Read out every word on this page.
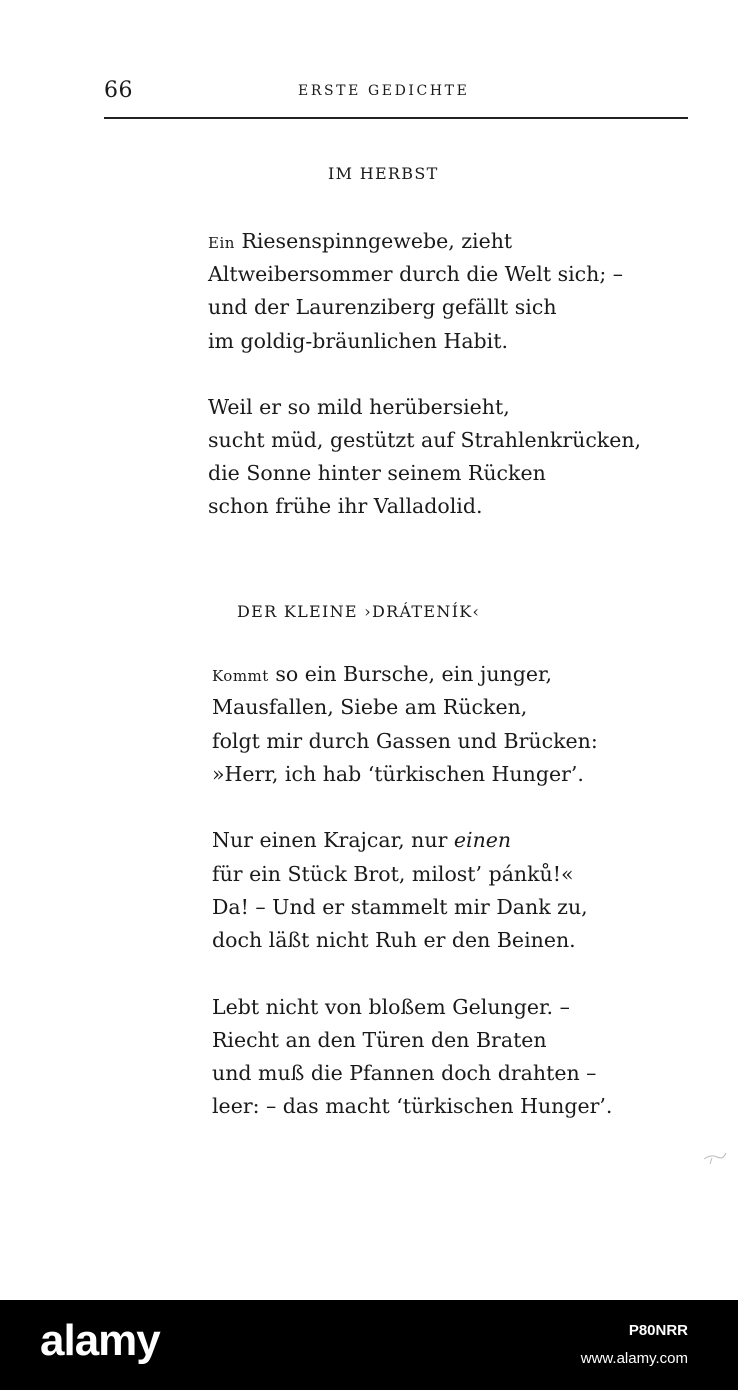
66	ERSTE GEDICHTE
IM HERBST
Ein Riesenspinngewebe, zieht
Altweibersommer durch die Welt sich; –
und der Laurenziberg gefällt sich
im goldig-bräunlichen Habit.
Weil er so mild herübersieht,
sucht müd, gestützt auf Strahlenkrücken,
die Sonne hinter seinem Rücken
schon frühe ihr Valladolid.
DER KLEINE ›DRÁTENÍK‹
Kommt so ein Bursche, ein junger,
Mausfallen, Siebe am Rücken,
folgt mir durch Gassen und Brücken:
»Herr, ich hab ‘türkischen Hunger’.
Nur einen Krajcar, nur einen
für ein Stück Brot, milost’ pánků!«
Da! – Und er stammelt mir Dank zu,
doch läßt nicht Ruh er den Beinen.
Lebt nicht von bloßem Gelunger. –
Riecht an den Türen den Braten
und muß die Pfannen doch drahten –
leer: – das macht ‘türkischen Hunger’.
alamy	P80NRR
www.alamy.com
